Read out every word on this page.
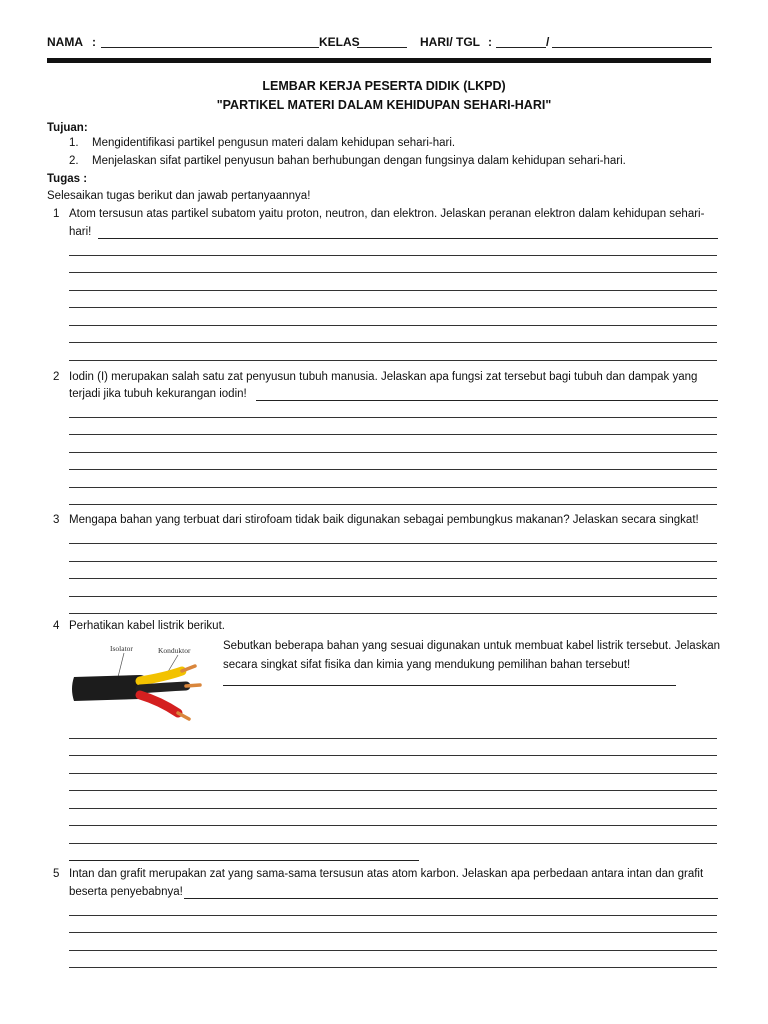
NAMA :	KELAS	HARI/ TGL :	/
LEMBAR KERJA PESERTA DIDIK (LKPD)
"PARTIKEL MATERI DALAM KEHIDUPAN SEHARI-HARI"
Tujuan:
1. Mengidentifikasi partikel pengusun materi dalam kehidupan sehari-hari.
2. Menjelaskan sifat partikel penyusun bahan berhubungan dengan fungsinya dalam kehidupan sehari-hari.
Tugas :
Selesaikan tugas berikut dan jawab pertanyaannya!
1 Atom tersusun atas partikel subatom yaitu proton, neutron, dan elektron. Jelaskan peranan elektron dalam kehidupan sehari-
hari!
2 Iodin (I) merupakan salah satu zat penyusun tubuh manusia. Jelaskan apa fungsi zat tersebut bagi tubuh dan dampak yang
terjadi jika tubuh kekurangan iodin!
3 Mengapa bahan yang terbuat dari stirofoam tidak baik digunakan sebagai pembungkus makanan? Jelaskan secara singkat!
4 Perhatikan kabel listrik berikut.
Isolator	Konduktor	Sebutkan beberapa bahan yang sesuai digunakan untuk membuat kabel listrik tersebut. Jelaskan secara singkat sifat fisika dan kimia yang mendukung pemilihan bahan tersebut!
5 Intan dan grafit merupakan zat yang sama-sama tersusun atas atom karbon. Jelaskan apa perbedaan antara intan dan grafit
beserta penyebabnya!
